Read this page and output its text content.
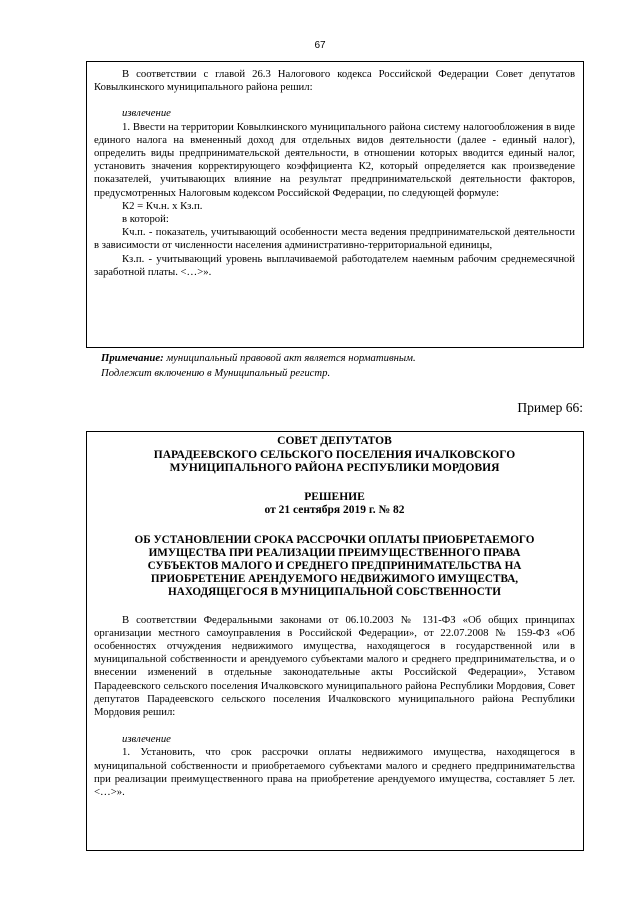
67

В соответствии с главой 26.3 Налогового кодекса Российской Федерации Совет депутатов Ковылкинского муниципального района решил:

извлечение

1. Ввести на территории Ковылкинского муниципального района систему налогообложения в виде единого налога на вмененный доход для отдельных видов деятельности (далее - единый налог), определить виды предпринимательской деятельности, в отношении которых вводится единый налог, установить значения корректирующего коэффициента К2, который определяется как произведение показателей, учитывающих влияние на результат предпринимательской деятельности факторов, предусмотренных Налоговым кодексом Российской Федерации, по следующей формуле:

К2 = Кч.н. х Кз.п.

в которой:

Кч.п. - показатель, учитывающий особенности места ведения предпринимательской деятельности в зависимости от численности населения административно-территориальной единицы,

Кз.п. - учитывающий уровень выплачиваемой работодателем наемным рабочим среднемесячной заработной платы. <…>».

Примечание: муниципальный правовой акт является нормативным.
Подлежит включению в Муниципальный регистр.
Пример 66:

СОВЕТ ДЕПУТАТОВ

ПАРАДЕЕВСКОГО СЕЛЬСКОГО ПОСЕЛЕНИЯ ИЧАЛКОВСКОГО

МУНИЦИПАЛЬНОГО РАЙОНА РЕСПУБЛИКИ МОРДОВИЯ

РЕШЕНИЕ

от 21 сентября 2019 г. № 82

ОБ УСТАНОВЛЕНИИ СРОКА РАССРОЧКИ ОПЛАТЫ ПРИОБРЕТАЕМОГО ИМУЩЕСТВА ПРИ РЕАЛИЗАЦИИ ПРЕИМУЩЕСТВЕННОГО ПРАВА СУБЪЕКТОВ МАЛОГО И СРЕДНЕГО ПРЕДПРИНИМАТЕЛЬСТВА НА ПРИОБРЕТЕНИЕ АРЕНДУЕМОГО НЕДВИЖИМОГО ИМУЩЕСТВА, НАХОДЯЩЕГОСЯ В МУНИЦИПАЛЬНОЙ СОБСТВЕННОСТИ

В соответствии Федеральными законами от 06.10.2003 № 131-ФЗ «Об общих принципах организации местного самоуправления в Российской Федерации», от 22.07.2008 № 159-ФЗ «Об особенностях отчуждения недвижимого имущества, находящегося в государственной или в муниципальной собственности и арендуемого субъектами малого и среднего предпринимательства, и о внесении изменений в отдельные законодательные акты Российской Федерации», Уставом Парадеевского сельского поселения Ичалковского муниципального района Республики Мордовия, Совет депутатов Парадеевского сельского поселения Ичалковского муниципального района Республики Мордовия решил:

извлечение

1. Установить, что срок рассрочки оплаты недвижимого имущества, находящегося в муниципальной собственности и приобретаемого субъектами малого и среднего предпринимательства при реализации преимущественного права на приобретение арендуемого имущества, составляет 5 лет. <…>».
